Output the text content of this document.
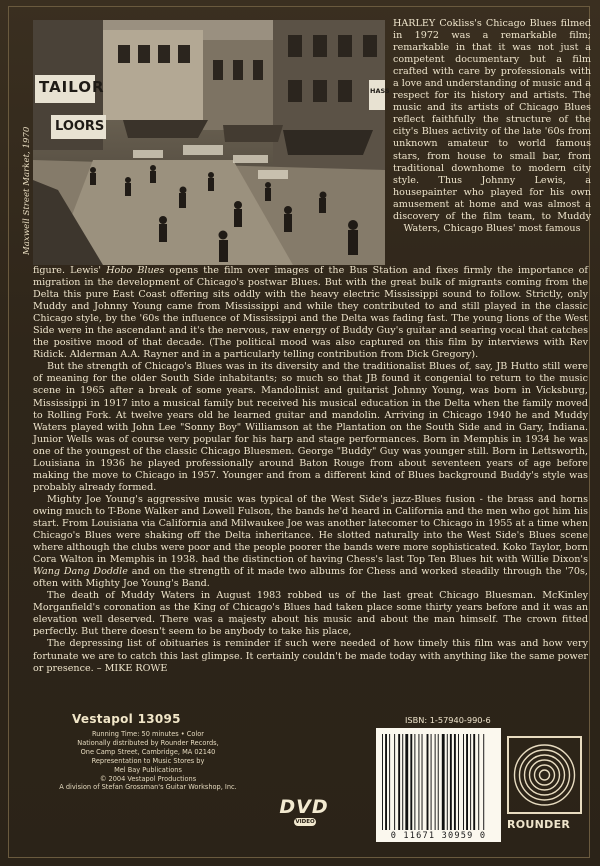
TAILOR
LOORS
HASS
Maxwell Street Market, 1970
HARLEY Cokliss's Chicago Blues filmed in 1972 was a remarkable film; remarkable in that it was not just a competent documentary but a film crafted with care by professionals with a love and understanding of music and a respect for its history and artists. The music and its artists of Chicago Blues reflect faithfully the structure of the city's Blues activity of the late '60s from unknown amateur to world famous stars, from house to small bar, from traditional downhome to modern city style. Thus Johnny Lewis, a housepainter who played for his own amusement at home and was almost a discovery of the film team, to Muddy Waters, Chicago Blues' most famous

figure. Lewis' Hobo Blues opens the film over images of the Bus Station and fixes firmly the importance of migration in the development of Chicago's postwar Blues. But with the great bulk of migrants coming from the Delta this pure East Coast offering sits oddly with the heavy electric Mississippi sound to follow. Strictly, only Muddy and Johnny Young came from Mississippi and while they contributed to and still played in the classic Chicago style, by the '60s the influence of Mississippi and the Delta was fading fast. The young lions of the West Side were in the ascendant and it's the nervous, raw energy of Buddy Guy's guitar and searing vocal that catches the positive mood of that decade. (The political mood was also captured on this film by interviews with Rev Ridick. Alderman A.A. Rayner and in a particularly telling contribution from Dick Gregory).

But the strength of Chicago's Blues was in its diversity and the traditionalist Blues of, say, JB Hutto still were of meaning for the older South Side inhabitants; so much so that JB found it congenial to return to the music scene in 1965 after a break of some years. Mandolinist and guitarist Johnny Young, was born in Vicksburg, Mississippi in 1917 into a musical family but received his musical education in the Delta when the family moved to Rolling Fork. At twelve years old he learned guitar and mandolin. Arriving in Chicago 1940 he and Muddy Waters played with John Lee "Sonny Boy" Williamson at the Plantation on the South Side and in Gary, Indiana. Junior Wells was of course very popular for his harp and stage performances. Born in Memphis in 1934 he was one of the youngest of the classic Chicago Bluesmen. George "Buddy" Guy was younger still. Born in Lettsworth, Louisiana in 1936 he played professionally around Baton Rouge from about seventeen years of age before making the move to Chicago in 1957. Younger and from a different kind of Blues background Buddy's style was probably already formed.

Mighty Joe Young's aggressive music was typical of the West Side's jazz-Blues fusion - the brass and horns owing much to T-Bone Walker and Lowell Fulson, the bands he'd heard in California and the men who got him his start. From Louisiana via California and Milwaukee Joe was another latecomer to Chicago in 1955 at a time when Chicago's Blues were shaking off the Delta inheritance. He slotted naturally into the West Side's Blues scene where although the clubs were poor and the people poorer the bands were more sophisticated. Koko Taylor, born Cora Walton in Memphis in 1938. had the distinction of having Chess's last Top Ten Blues hit with Willie Dixon's Wang Dang Doddle and on the strength of it made two albums for Chess and worked steadily through the '70s, often with Mighty Joe Young's Band.

The death of Muddy Waters in August 1983 robbed us of the last great Chicago Bluesman. McKinley Morganfield's coronation as the King of Chicago's Blues had taken place some thirty years before and it was an elevation well deserved. There was a majesty about his music and about the man himself. The crown fitted perfectly. But there doesn't seem to be anybody to take his place,

The depressing list of obituaries is reminder if such were needed of how timely this film was and how very fortunate we are to catch this last glimpse. It certainly couldn't be made today with anything like the same power or presence. – MIKE ROWE

Vestapol 13095
Running Time: 50 minutes • Color
Nationally distributed by Rounder Records,
One Camp Street, Cambridge, MA 02140
Representation to Music Stores by
Mel Bay Publications
© 2004 Vestapol Productions
A division of Stefan Grossman's Guitar Workshop, Inc.
DVD
VIDEO
ISBN: 1-57940-990-6
0 11671 30959 0
ROUNDER
